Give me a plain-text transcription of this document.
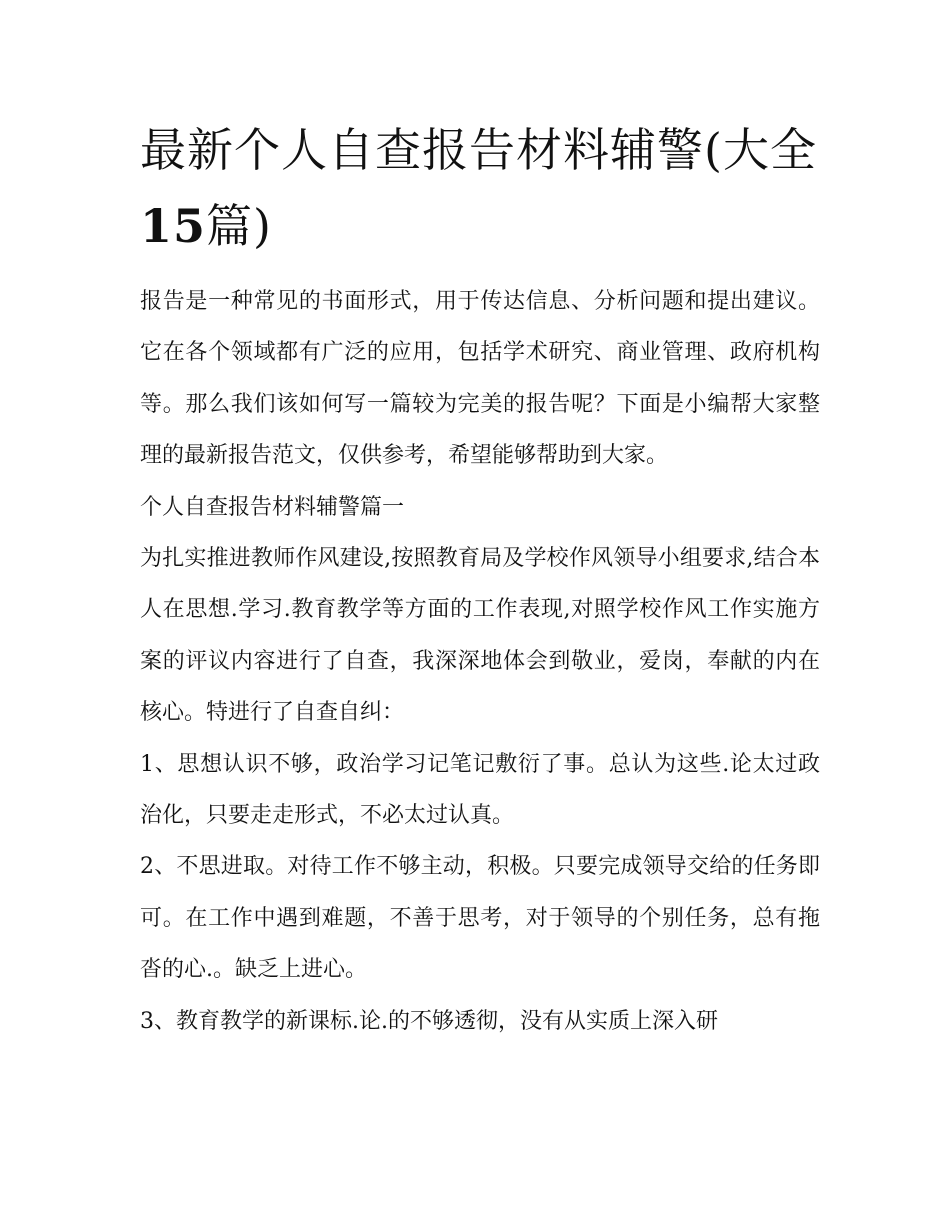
最新个人自查报告材料辅警(大全15篇)

报告是一种常见的书面形式，用于传达信息、分析问题和提出建议。它在各个领域都有广泛的应用，包括学术研究、商业管理、政府机构等。那么我们该如何写一篇较为完美的报告呢？下面是小编帮大家整理的最新报告范文，仅供参考，希望能够帮助到大家。

个人自查报告材料辅警篇一

为扎实推进教师作风建设,按照教育局及学校作风领导小组要求,结合本人在思想.学习.教育教学等方面的工作表现,对照学校作风工作实施方案的评议内容进行了自查，我深深地体会到敬业，爱岗，奉献的内在核心。特进行了自查自纠：

1、思想认识不够，政治学习记笔记敷衍了事。总认为这些.论太过政治化，只要走走形式，不必太过认真。

2、不思进取。对待工作不够主动，积极。只要完成领导交给的任务即可。在工作中遇到难题，不善于思考，对于领导的个别任务，总有拖沓的心.。缺乏上进心。

3、教育教学的新课标.论.的不够透彻，没有从实质上深入研
